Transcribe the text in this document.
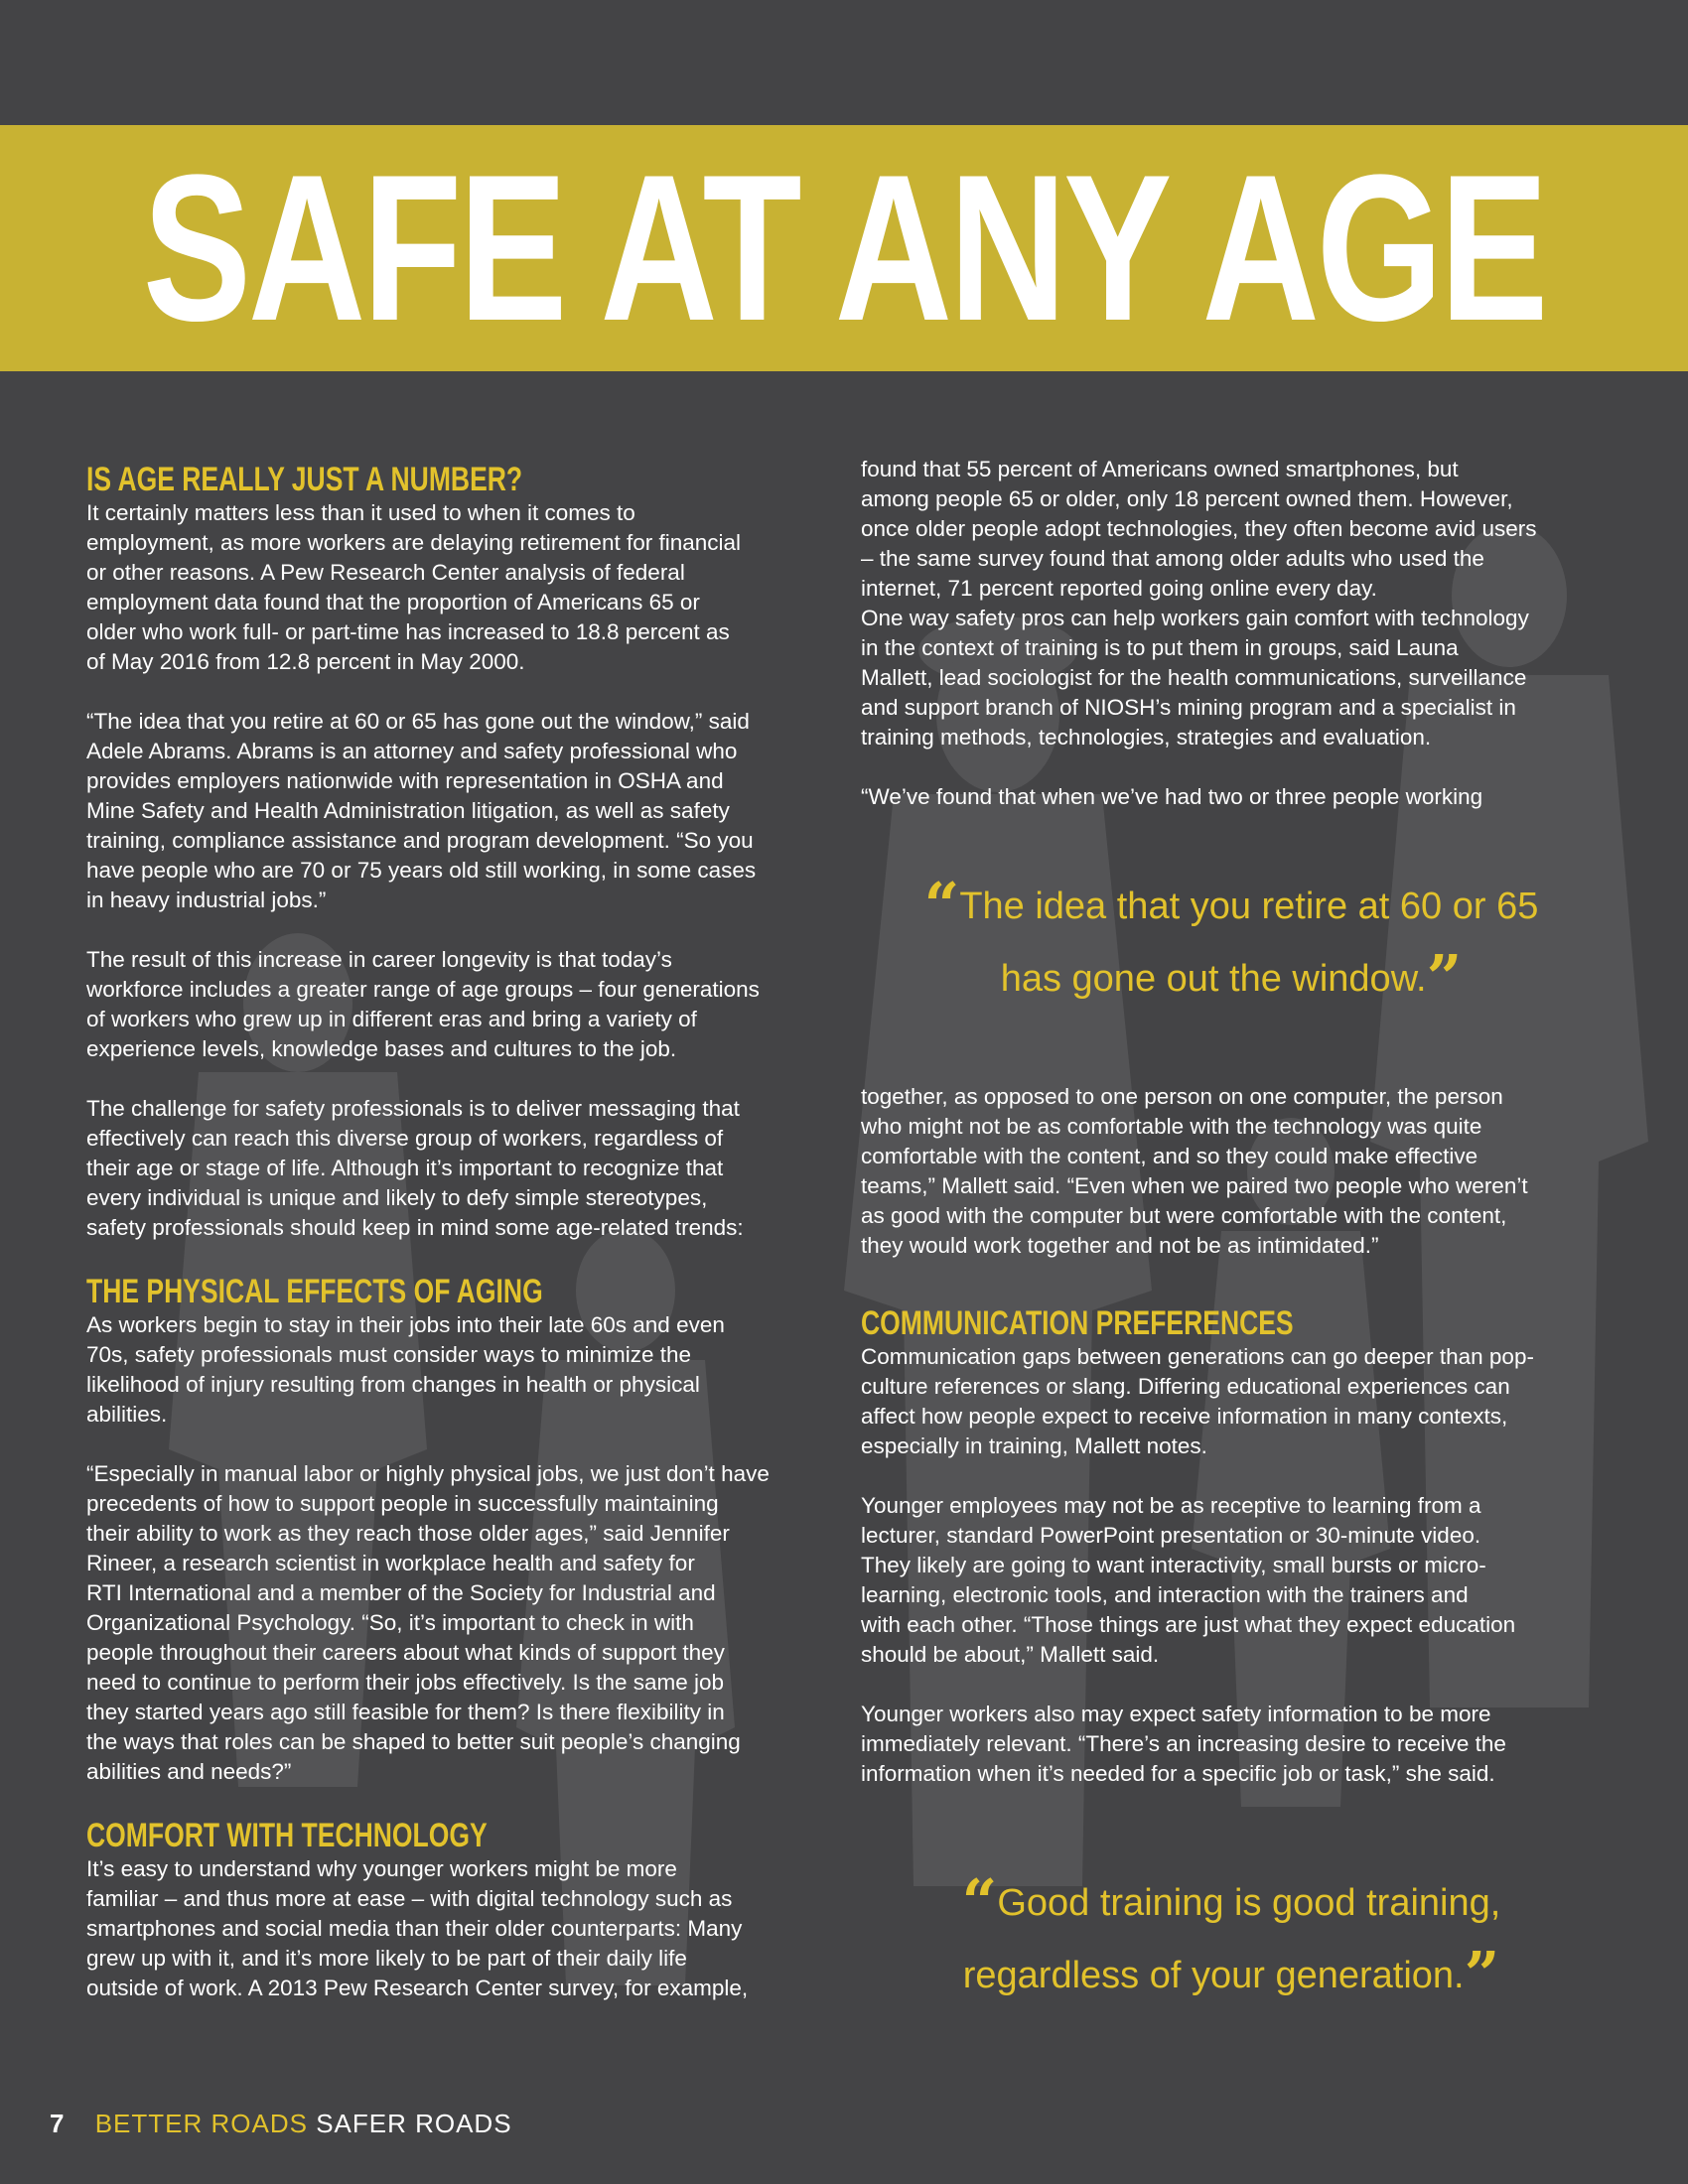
SAFE AT ANY AGE
IS AGE REALLY JUST A NUMBER?

It certainly matters less than it used to when it comes to
employment, as more workers are delaying retirement for financial
or other reasons. A Pew Research Center analysis of federal
employment data found that the proportion of Americans 65 or
older who work full- or part-time has increased to 18.8 percent as
of May 2016 from 12.8 percent in May 2000.

“The idea that you retire at 60 or 65 has gone out the window,” said
Adele Abrams. Abrams is an attorney and safety professional who
provides employers nationwide with representation in OSHA and
Mine Safety and Health Administration litigation, as well as safety
training, compliance assistance and program development. “So you
have people who are 70 or 75 years old still working, in some cases
in heavy industrial jobs.”

The result of this increase in career longevity is that today’s
workforce includes a greater range of age groups – four generations
of workers who grew up in different eras and bring a variety of
experience levels, knowledge bases and cultures to the job.

The challenge for safety professionals is to deliver messaging that
effectively can reach this diverse group of workers, regardless of
their age or stage of life. Although it’s important to recognize that
every individual is unique and likely to defy simple stereotypes,
safety professionals should keep in mind some age-related trends:

THE PHYSICAL EFFECTS OF AGING

As workers begin to stay in their jobs into their late 60s and even
70s, safety professionals must consider ways to minimize the
likelihood of injury resulting from changes in health or physical
abilities.

“Especially in manual labor or highly physical jobs, we just don’t have
precedents of how to support people in successfully maintaining
their ability to work as they reach those older ages,” said Jennifer
Rineer, a research scientist in workplace health and safety for
RTI International and a member of the Society for Industrial and
Organizational Psychology. “So, it’s important to check in with
people throughout their careers about what kinds of support they
need to continue to perform their jobs effectively. Is the same job
they started years ago still feasible for them? Is there flexibility in
the ways that roles can be shaped to better suit people’s changing
abilities and needs?”

COMFORT WITH TECHNOLOGY

It’s easy to understand why younger workers might be more
familiar – and thus more at ease – with digital technology such as
smartphones and social media than their older counterparts: Many
grew up with it, and it’s more likely to be part of their daily life
outside of work. A 2013 Pew Research Center survey, for example,

found that 55 percent of Americans owned smartphones, but
among people 65 or older, only 18 percent owned them. However,
once older people adopt technologies, they often become avid users
– the same survey found that among older adults who used the
internet, 71 percent reported going online every day.
One way safety pros can help workers gain comfort with technology
in the context of training is to put them in groups, said Launa
Mallett, lead sociologist for the health communications, surveillance
and support branch of NIOSH’s mining program and a specialist in
training methods, technologies, strategies and evaluation.

“We’ve found that when we’ve had two or three people working

“The idea that you retire at 60 or 65
has gone out the window.”

together, as opposed to one person on one computer, the person
who might not be as comfortable with the technology was quite
comfortable with the content, and so they could make effective
teams,” Mallett said. “Even when we paired two people who weren’t
as good with the computer but were comfortable with the content,
they would work together and not be as intimidated.”

COMMUNICATION PREFERENCES

Communication gaps between generations can go deeper than pop-
culture references or slang. Differing educational experiences can
affect how people expect to receive information in many contexts,
especially in training, Mallett notes.

Younger employees may not be as receptive to learning from a
lecturer, standard PowerPoint presentation or 30-minute video.
They likely are going to want interactivity, small bursts or micro-
learning, electronic tools, and interaction with the trainers and
with each other. “Those things are just what they expect education
should be about,” Mallett said.

Younger workers also may expect safety information to be more
immediately relevant. “There’s an increasing desire to receive the
information when it’s needed for a specific job or task,” she said.

“Good training is good training,
regardless of your generation.”
7 BETTER ROADS SAFER ROADS
